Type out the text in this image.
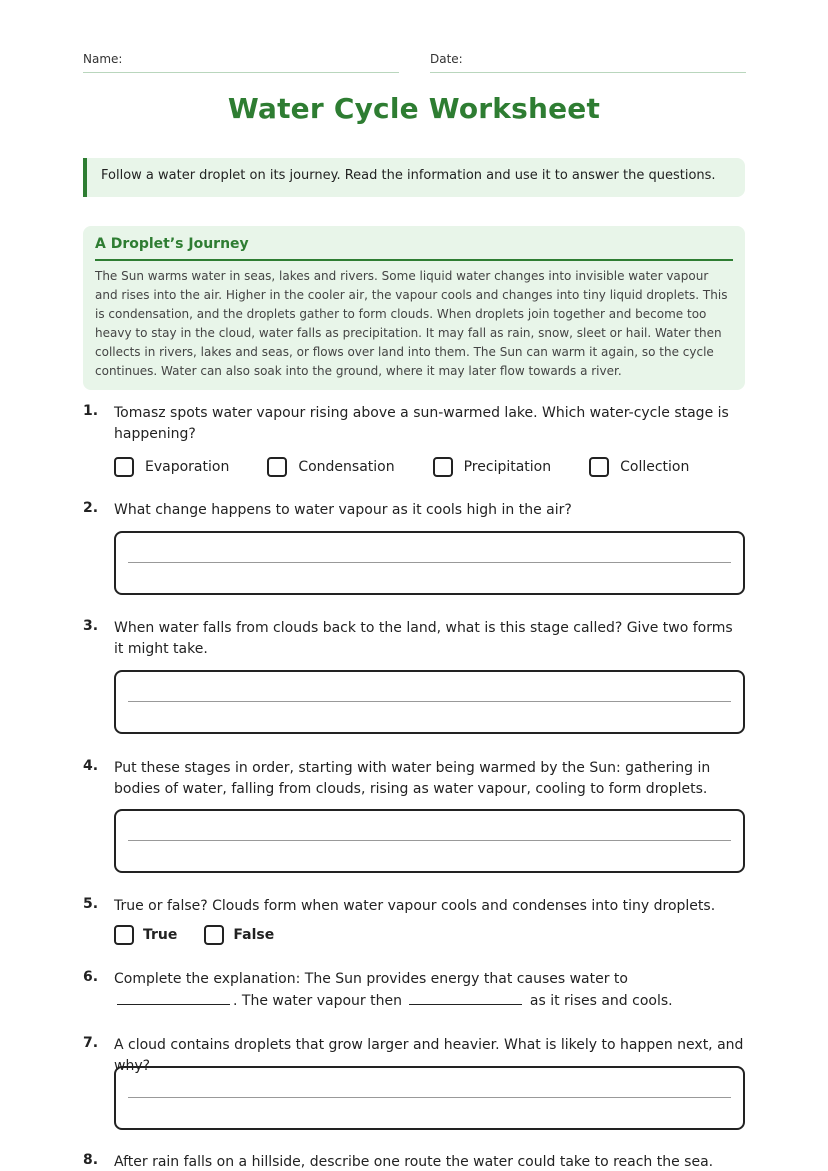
Name:	Date:
Water Cycle Worksheet
Follow a water droplet on its journey. Read the information and use it to answer the questions.
A Droplet’s Journey
The Sun warms water in seas, lakes and rivers. Some liquid water changes into invisible water vapour and rises into the air. Higher in the cooler air, the vapour cools and changes into tiny liquid droplets. This is condensation, and the droplets gather to form clouds. When droplets join together and become too heavy to stay in the cloud, water falls as precipitation. It may fall as rain, snow, sleet or hail. Water then collects in rivers, lakes and seas, or flows over land into them. The Sun can warm it again, so the cycle continues. Water can also soak into the ground, where it may later flow towards a river.
1. Tomasz spots water vapour rising above a sun-warmed lake. Which water-cycle stage is happening?
Evaporation	Condensation	Precipitation	Collection
2. What change happens to water vapour as it cools high in the air?
3. When water falls from clouds back to the land, what is this stage called? Give two forms it might take.
4. Put these stages in order, starting with water being warmed by the Sun: gathering in bodies of water, falling from clouds, rising as water vapour, cooling to form droplets.
5. True or false? Clouds form when water vapour cools and condenses into tiny droplets.
True	False
6. Complete the explanation: The Sun provides energy that causes water to. The water vapour then	as it rises and cools.
7. A cloud contains droplets that grow larger and heavier. What is likely to happen next, and why?
8. After rain falls on a hillside, describe one route the water could take to reach the sea.
